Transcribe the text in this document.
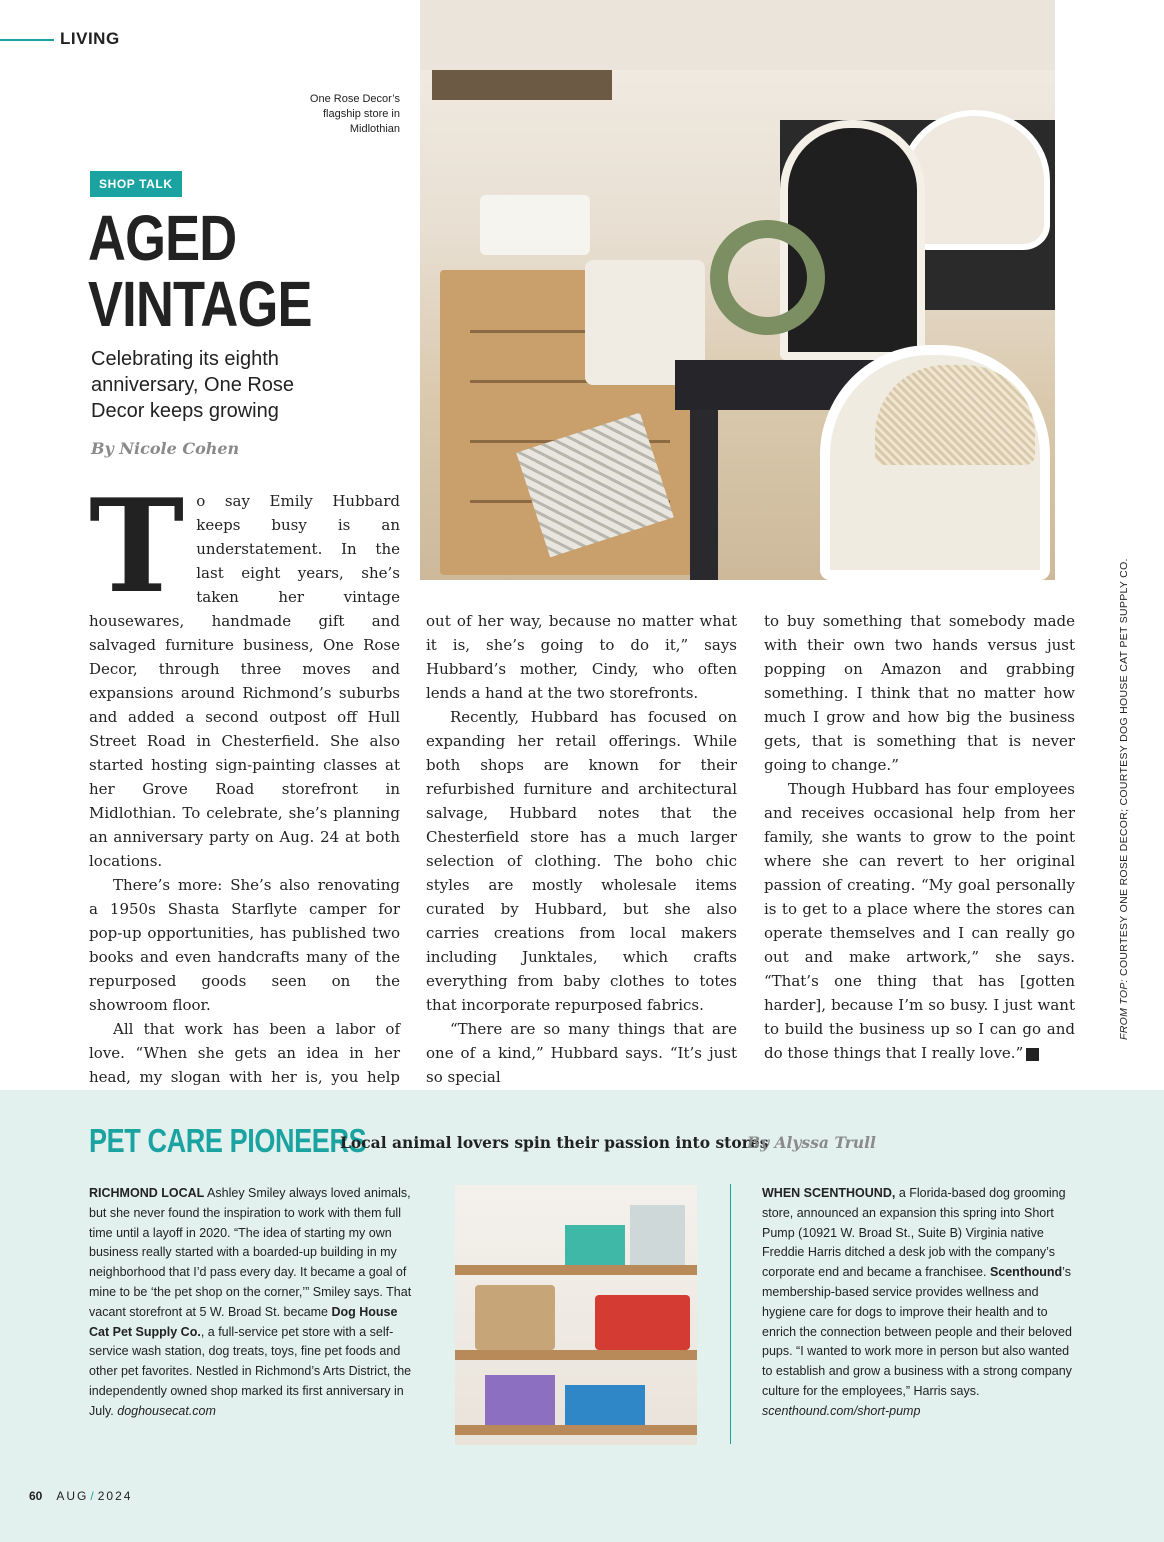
LIVING
One Rose Decor’s flagship store in Midlothian
SHOP TALK
AGED
VINTAGE

Celebrating its eighth anniversary, One Rose Decor keeps growing

By Nicole Cohen

To say Emily Hubbard keeps busy is an understatement. In the last eight years, she’s taken her vintage housewares, handmade gift and salvaged furniture business, One Rose Decor, through three moves and expansions around Richmond’s suburbs and added a second outpost off Hull Street Road in Chesterfield. She also started hosting sign-painting classes at her Grove Road storefront in Midlothian. To celebrate, she’s planning an anniversary party on Aug. 24 at both locations.

There’s more: She’s also renovating a 1950s Shasta Starflyte camper for pop-up opportunities, has published two books and even handcrafts many of the repurposed goods seen on the showroom floor.

All that work has been a labor of love. “When she gets an idea in her head, my slogan with her is, you help

out of her way, because no matter what it is, she’s going to do it,” says Hubbard’s mother, Cindy, who often lends a hand at the two storefronts.

Recently, Hubbard has focused on expanding her retail offerings. While both shops are known for their refurbished furniture and architectural salvage, Hubbard notes that the Chesterfield store has a much larger selection of clothing. The boho chic styles are mostly wholesale items curated by Hubbard, but she also carries creations from local makers including Junktales, which crafts everything from baby clothes to totes that incorporate repurposed fabrics.

“There are so many things that are one of a kind,” Hubbard says. “It’s just so special

to buy something that somebody made with their own two hands versus just popping on Amazon and grabbing something. I think that no matter how much I grow and how big the business gets, that is something that is never going to change.”

Though Hubbard has four employees and receives occasional help from her family, she wants to grow to the point where she can revert to her original passion of creating. “My goal personally is to get to a place where the stores can operate themselves and I can really go out and make artwork,” she says. “That’s one thing that has [gotten harder], because I’m so busy. I just want to build the business up so I can go and do those things that I really love.”	R

FROM TOP: COURTESY ONE ROSE DECOR; COURTESY DOG HOUSE CAT PET SUPPLY CO.
PET CARE PIONEERS
Local animal lovers spin their passion into stores
By Alyssa Trull
RICHMOND LOCAL Ashley Smiley always loved animals, but she never found the inspiration to work with them full time until a layoff in 2020. “The idea of starting my own business really started with a boarded-up building in my neighborhood that I’d pass every day. It became a goal of mine to be ‘the pet shop on the corner,’” Smiley says. That vacant storefront at 5 W. Broad St. became Dog House Cat Pet Supply Co., a full-service pet store with a self-service wash station, dog treats, toys, fine pet foods and other pet favorites. Nestled in Richmond’s Arts District, the independently owned shop marked its first anniversary in July. doghousecat.com
WHEN SCENTHOUND, a Florida-based dog grooming store, announced an expansion this spring into Short Pump (10921 W. Broad St., Suite B) Virginia native Freddie Harris ditched a desk job with the company’s corporate end and became a franchisee. Scenthound’s membership-based service provides wellness and hygiene care for dogs to improve their health and to enrich the connection between people and their beloved pups. “I wanted to work more in person but also wanted to establish and grow a business with a strong company culture for the employees,” Harris says. scenthound.com/short-pump
60 AUG / 2024
